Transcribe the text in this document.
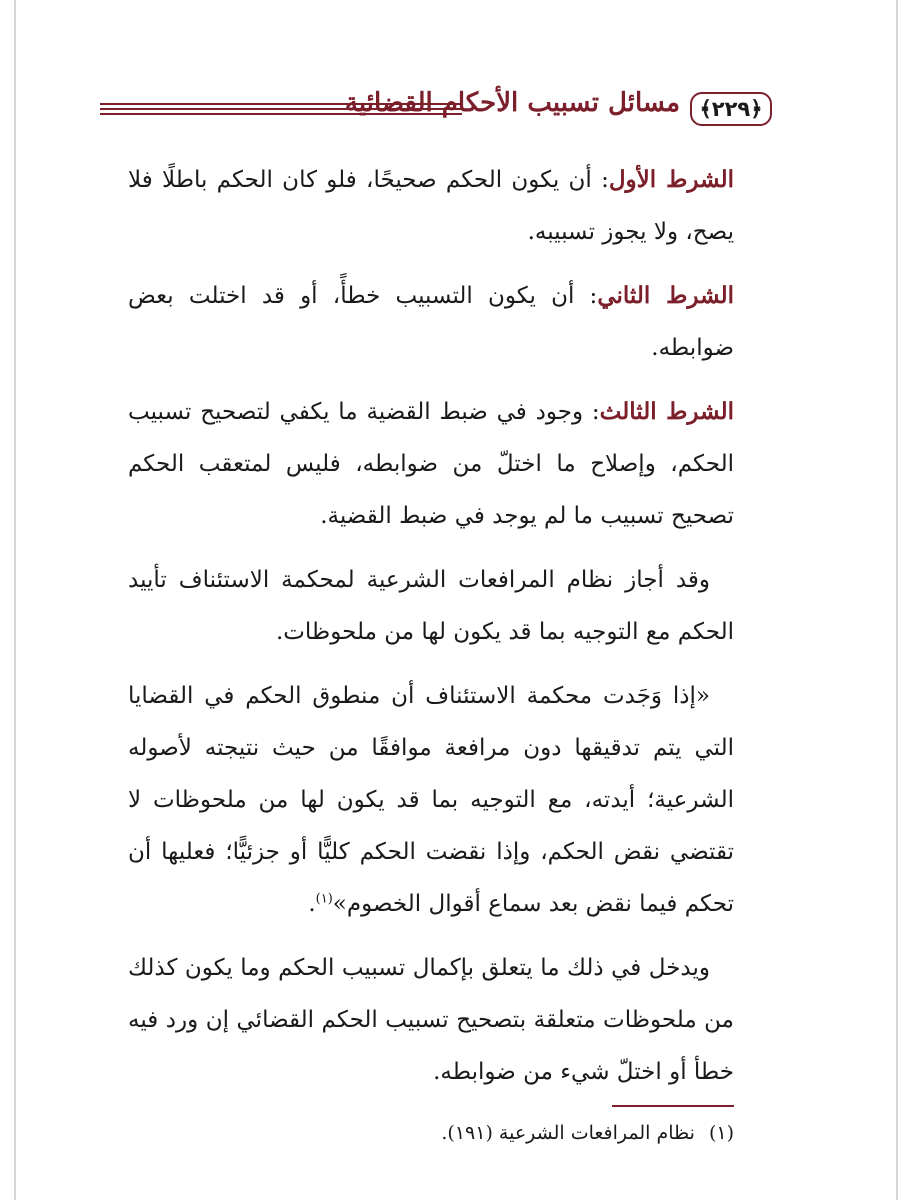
مسائل تسبيب الأحكام القضائية ﴿٢٢٩﴾

الشرط الأول: أن يكون الحكم صحيحًا، فلو كان الحكم باطلًا فلا يصح، ولا يجوز تسبيبه.

الشرط الثاني: أن يكون التسبيب خطأً، أو قد اختلت بعض ضوابطه.

الشرط الثالث: وجود في ضبط القضية ما يكفي لتصحيح تسبيب الحكم، وإصلاح ما اختلّ من ضوابطه، فليس لمتعقب الحكم تصحيح تسبيب ما لم يوجد في ضبط القضية.

وقد أجاز نظام المرافعات الشرعية لمحكمة الاستئناف تأييد الحكم مع التوجيه بما قد يكون لها من ملحوظات.

«إذا وَجَدت محكمة الاستئناف أن منطوق الحكم في القضايا التي يتم تدقيقها دون مرافعة موافقًا من حيث نتيجته لأصوله الشرعية؛ أيدته، مع التوجيه بما قد يكون لها من ملحوظات لا تقتضي نقض الحكم، وإذا نقضت الحكم كليًّا أو جزئيًّا؛ فعليها أن تحكم فيما نقض بعد سماع أقوال الخصوم»$^{(١)}$.

ويدخل في ذلك ما يتعلق بإكمال تسبيب الحكم وما يكون كذلك من ملحوظات متعلقة بتصحيح تسبيب الحكم القضائي إن ورد فيه خطأ أو اختلّ شيء من ضوابطه.

(١)نظام المرافعات الشرعية (١٩١).
